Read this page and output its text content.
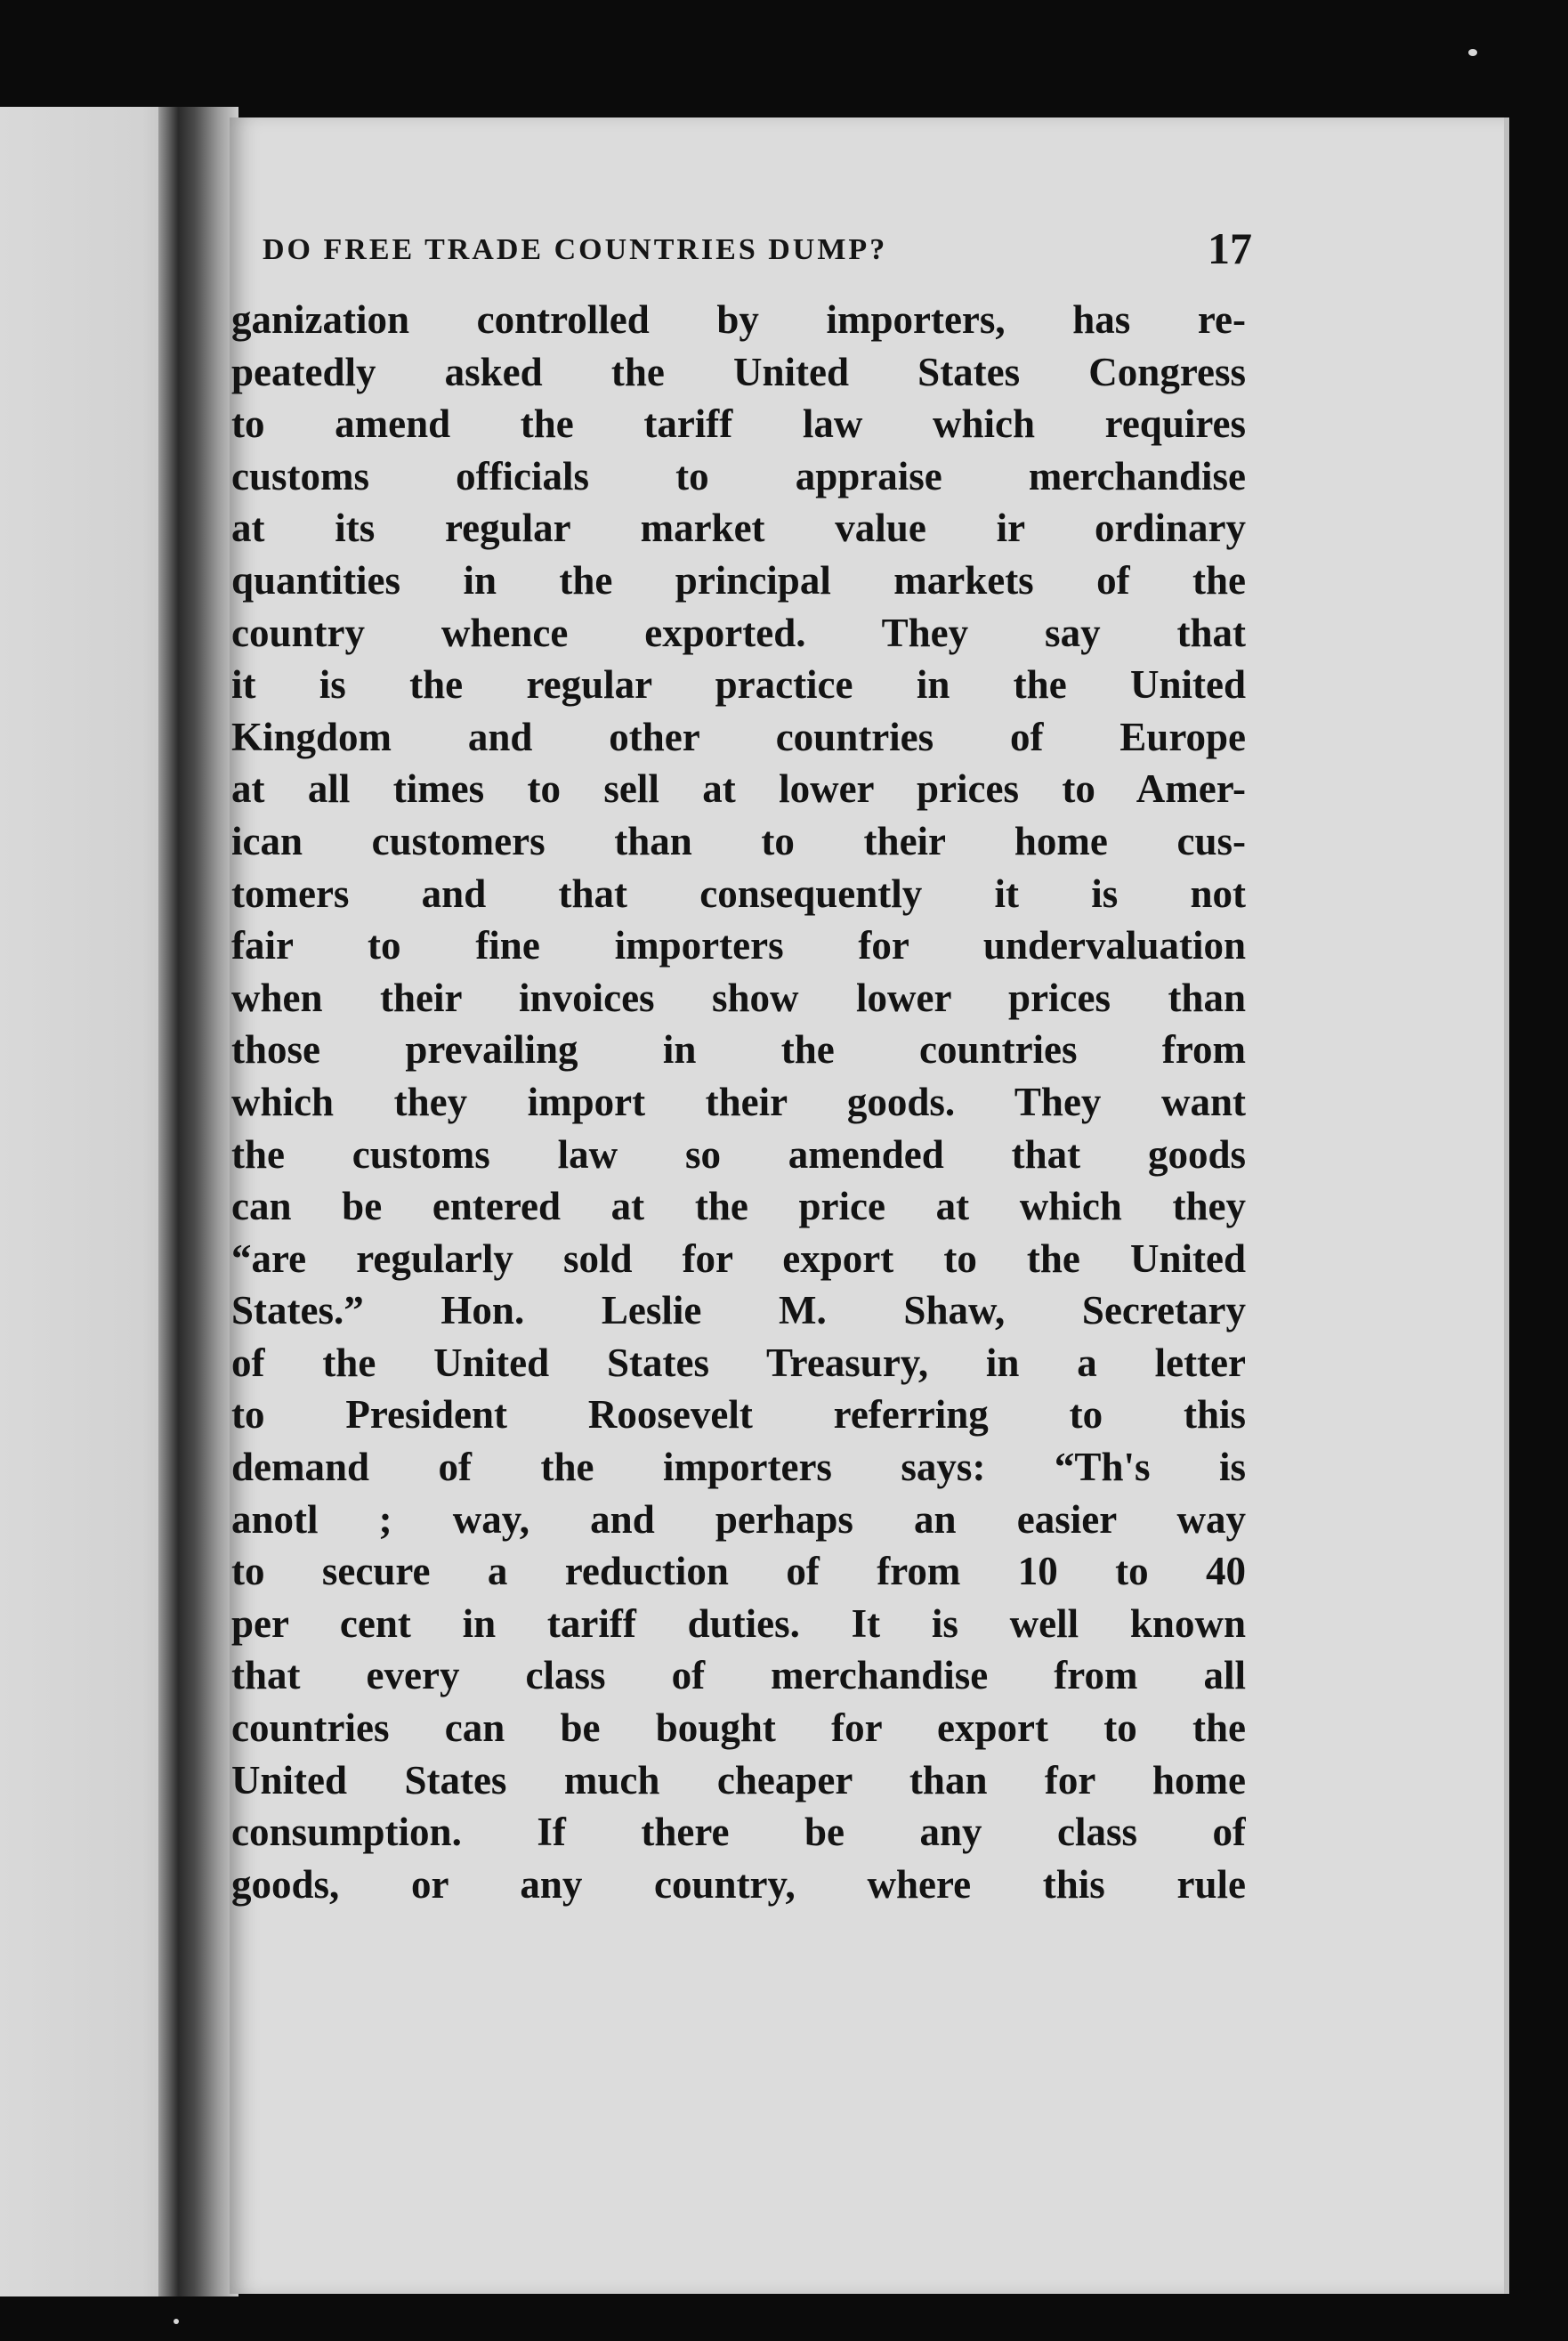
DO FREE TRADE COUNTRIES DUMP?	17
ganization controlled by importers, has re-
peatedly asked the United States Congress
to amend the tariff law which requires
customs officials to appraise merchandise
at its regular market value ir ordinary
quantities in the principal markets of the
country whence exported. They say that
it is the regular practice in the United
Kingdom and other countries of Europe
at all times to sell at lower prices to Amer-
ican customers than to their home cus-
tomers and that consequently it is not
fair to fine importers for undervaluation
when their invoices show lower prices than
those prevailing in the countries from
which they import their goods. They want
the customs law so amended that goods
can be entered at the price at which they
“are regularly sold for export to the United
States.” Hon. Leslie M. Shaw, Secretary
of the United States Treasury, in a letter
to President Roosevelt referring to this
demand of the importers says: “Th's is
anotl ; way, and perhaps an easier way
to secure a reduction of from 10 to 40
per cent in tariff duties. It is well known
that every class of merchandise from all
countries can be bought for export to the
United States much cheaper than for home
consumption. If there be any class of
goods, or any country, where this rule
